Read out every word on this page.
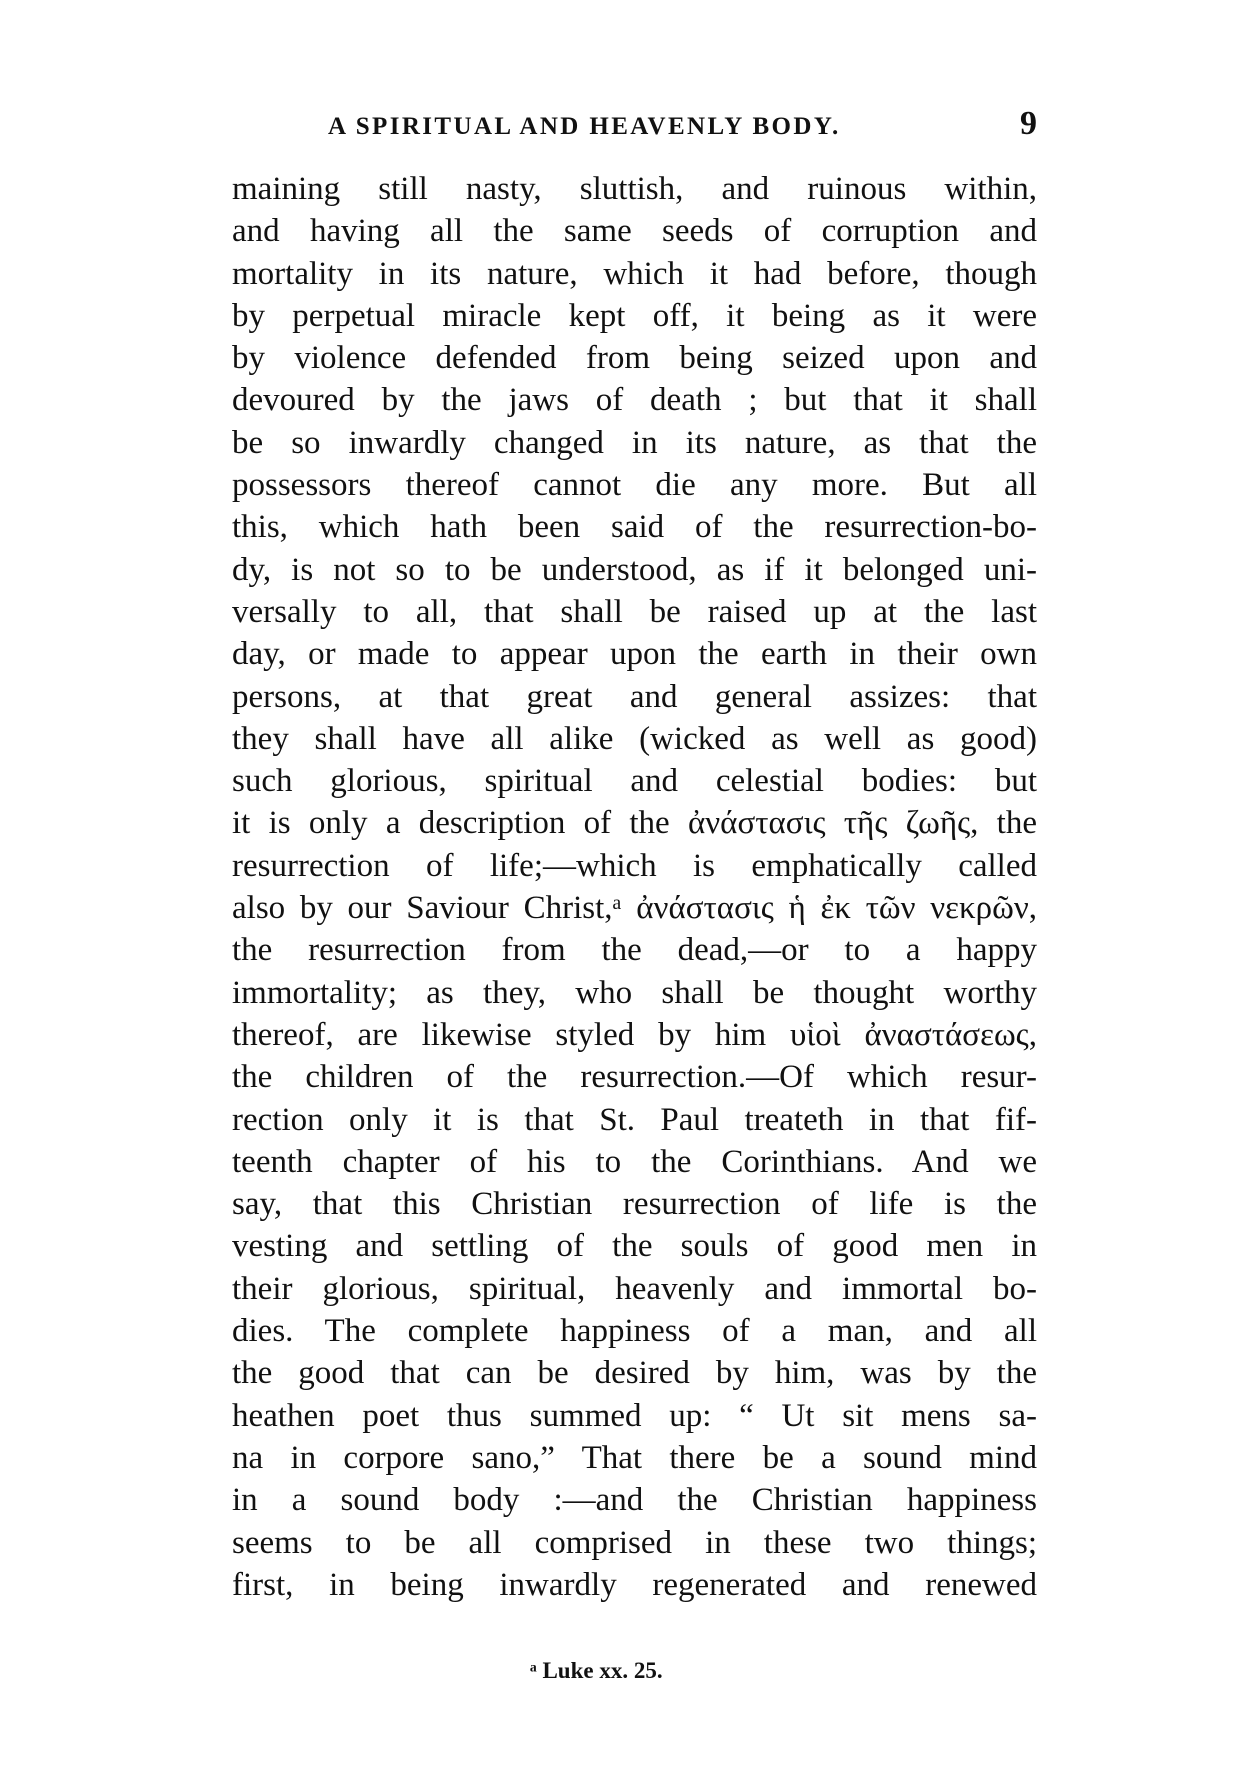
A SPIRITUAL AND HEAVENLY BODY.	9
maining still nasty, sluttish, and ruinous within,
and having all the same seeds of corruption and
mortality in its nature, which it had before, though
by perpetual miracle kept off, it being as it were
by violence defended from being seized upon and
devoured by the jaws of death ; but that it shall
be so inwardly changed in its nature, as that the
possessors thereof cannot die any more. But all
this, which hath been said of the resurrection-bo-
dy, is not so to be understood, as if it belonged uni-
versally to all, that shall be raised up at the last
day, or made to appear upon the earth in their own
persons, at that great and general assizes: that
they shall have all alike (wicked as well as good)
such glorious, spiritual and celestial bodies: but
it is only a description of the ἀνάστασις τῆς ζωῆς, the
resurrection of life;—which is emphatically called
also by our Saviour Christ,ᵃ ἀνάστασις ἡ ἐκ τῶν νεκρῶν,
the resurrection from the dead,—or to a happy
immortality; as they, who shall be thought worthy
thereof, are likewise styled by him υἱοὶ ἀναστάσεως,
the children of the resurrection.—Of which resur-
rection only it is that St. Paul treateth in that fif-
teenth chapter of his to the Corinthians. And we
say, that this Christian resurrection of life is the
vesting and settling of the souls of good men in
their glorious, spiritual, heavenly and immortal bo-
dies. The complete happiness of a man, and all
the good that can be desired by him, was by the
heathen poet thus summed up: “ Ut sit mens sa-
na in corpore sano,” That there be a sound mind
in a sound body :—and the Christian happiness
seems to be all comprised in these two things;
first, in being inwardly regenerated and renewed
ᵃ Luke xx. 25.
